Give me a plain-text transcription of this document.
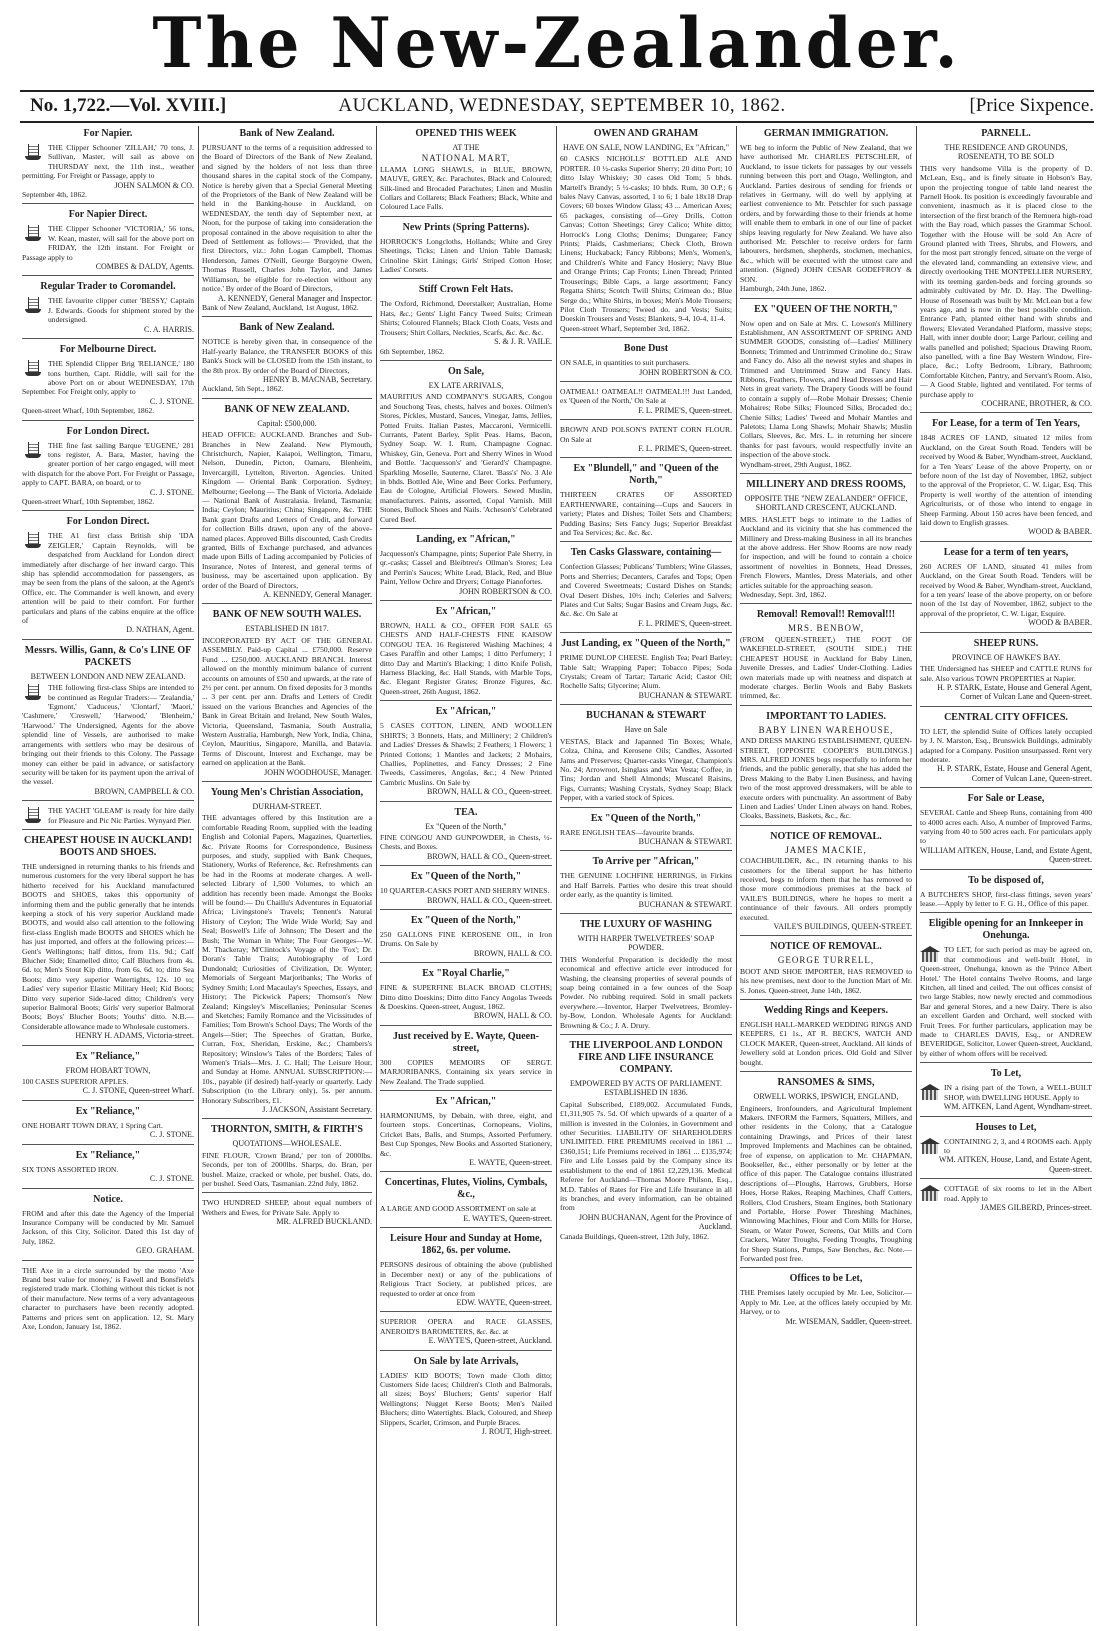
The New-Zealander.
No. 1,722.—Vol. XVIII.]	AUCKLAND, WEDNESDAY, SEPTEMBER 10, 1862.	[Price Sixpence.
For Napier.
THE Clipper Schooner 'ZILLAH,' 70 tons, J. Sullivan, Master, will sail as above on THURSDAY next, the 11th inst., weather permitting. For Freight or Passage, apply to
JOHN SALMON & CO.
September 4th, 1862.
For Napier Direct.
THE Clipper Schooner 'VICTORIA,' 56 tons, W. Kean, master, will sail for the above port on FRIDAY, the 12th instant. For Freight or Passage apply to
COMBES & DALDY, Agents.
Regular Trader to Coromandel.
THE favourite clipper cutter 'BESSY,' Captain J. Edwards. Goods for shipment stored by the undersigned.
C. A. HARRIS.
For Melbourne Direct.
THE Splendid Clipper Brig 'RELIANCE,' 180 tons burthen, Capt. Riddle, will sail for the above Port on or about WEDNESDAY, 17th September. For Freight only, apply to
C. J. STONE.
Queen-street Wharf, 10th September, 1862.
For London Direct.
THE fine fast sailing Barque 'EUGENE,' 281 tons register, A. Bara, Master, having the greater portion of her cargo engaged, will meet with dispatch for the above Port. For Freight or Passage, apply to CAPT. BARA, on board, or to
C. J. STONE.
Queen-street Wharf, 10th September, 1862.
For London Direct.
THE A1 first class British ship 'IDA ZEIGLER,' Captain Reynolds, will be despatched from Auckland for London direct immediately after discharge of her inward cargo. This ship has splendid accommodation for passengers, as may be seen from the plans of the saloon, at the Agent's Office, etc. The Commander is well known, and every attention will be paid to their comfort. For further particulars and plans of the cabins enquire at the office of
D. NATHAN, Agent.
Messrs. Willis, Gann, & Co's LINE OF PACKETS
BETWEEN LONDON AND NEW ZEALAND.
THE following first-class Ships are intended to be continued as Regular Traders:— 'Zealandia,' 'Egmont,' 'Caduceus,' 'Clontarf,' 'Maori,' 'Cashmere,' 'Creswell,' 'Harwood,' 'Blenheim,' 'Harwood.' The Undersigned, Agents for the above splendid line of Vessels, are authorised to make arrangements with settlers who may be desirous of bringing out their friends to this Colony. The Passage money can either be paid in advance, or satisfactory security will be taken for its payment upon the arrival of the vessel.
BROWN, CAMPBELL & CO.
THE YACHT 'GLEAM' is ready for hire daily for Pleasure and Pic Nic Parties. Wynyard Pier.
CHEAPEST HOUSE IN AUCKLAND! BOOTS AND SHOES.
THE undersigned in returning thanks to his friends and numerous customers for the very liberal support he has hitherto received for his Auckland manufactured BOOTS and SHOES, takes this opportunity of informing them and the public generally that he intends keeping a stock of his very superior Auckland made BOOTS, and would also call attention to the following first-class English made BOOTS and SHOES which he has just imported, and offers at the following prices:— Gent's Wellingtons; half dittos, from 11s. 9d.; Calf Blucher Side; Enamelled ditto; Calf Bluchers from 4s. 6d. to; Men's Stout Kip ditto, from 6s. 6d. to; ditto Sea Boots; ditto very superior Watertights, 12s. 10 to; Ladies' very superior Elastic Military Heel; Kid Boots; Ditto very superior Side-laced ditto; Children's very superior Balmoral Boots; Girls' very superior Balmoral Boots; Boys' Blucher Boots; Youths' ditto. N.B.—Considerable allowance made to Wholesale customers.
HENRY H. ADAMS, Victoria-street.
Ex "Reliance,"
FROM HOBART TOWN,
100 CASES SUPERIOR APPLES.
C. J. STONE, Queen-street Wharf.
Ex "Reliance,"
ONE HOBART TOWN DRAY, 1 Spring Cart.
C. J. STONE.
Ex "Reliance,"
SIX TONS ASSORTED IRON.
C. J. STONE.
Notice.
FROM and after this date the Agency of the Imperial Insurance Company will be conducted by Mr. Samuel Jackson, of this City, Solicitor. Dated this 1st day of July, 1862.
GEO. GRAHAM.
THE Axe in a circle surrounded by the motto 'Axe Brand best value for money,' is Fawell and Bonsfield's registered trade mark. Clothing without this ticket is not of their manufacture. New terms of a very advantageous character to purchasers have been recently adopted. Patterns and prices sent on application. 12, St. Mary Axe, London, January 1st, 1862.
Bank of New Zealand.
PURSUANT to the terms of a requisition addressed to the Board of Directors of the Bank of New Zealand, and signed by the holders of not less than three thousand shares in the capital stock of the Company, Notice is hereby given that a Special General Meeting of the Proprietors of the Bank of New Zealand will be held in the Banking-house in Auckland, on WEDNESDAY, the tenth day of September next, at Noon, for the purpose of taking into consideration the proposal contained in the above requisition to alter the Deed of Settlement as follows:— 'Provided, that the first Directors, viz.: John Logan Campbell, Thomas Henderson, James O'Neill, George Burgoyne Owen, Thomas Russell, Charles John Taylor, and James Williamson, be eligible for re-election without any notice.' By order of the Board of Directors,
A. KENNEDY, General Manager and Inspector.
Bank of New Zealand, Auckland, 1st August, 1862.
Bank of New Zealand.
NOTICE is hereby given that, in consequence of the Half-yearly Balance, the TRANSFER BOOKS of this Bank's Stock will be CLOSED from the 15th instant, to the 8th prox. By order of the Board of Directors,
HENRY B. MACNAB, Secretary.
Auckland, 5th Sept., 1862.
BANK OF NEW ZEALAND.
Capital: £500,000.
HEAD OFFICE: AUCKLAND. Branches and Sub-Branches in New Zealand. New Plymouth, Christchurch, Napier, Kaiapoi, Wellington, Timaru, Nelson, Dunedin, Picton, Oamaru, Blenheim, Invercargill, Lyttelton, Riverton. Agencies. United Kingdom — Oriental Bank Corporation. Sydney; Melbourne; Geelong — The Bank of Victoria. Adelaide — National Bank of Australasia. Ireland, Tasmania; India; Ceylon; Mauritius; China; Singapore, &c. THE Bank grant Drafts and Letters of Credit, and forward for collection Bills drawn, upon any of the above-named places. Approved Bills discounted, Cash Credits granted, Bills of Exchange purchased, and advances made upon Bills of Lading accompanied by Policies of Insurance, Notes of Interest, and general terms of business, may be ascertained upon application. By order of the Board of Directors,
A. KENNEDY, General Manager.
BANK OF NEW SOUTH WALES.
ESTABLISHED IN 1817.
INCORPORATED BY ACT OF THE GENERAL ASSEMBLY. Paid-up Capital ... £750,000. Reserve Fund ... £250,000. AUCKLAND BRANCH. Interest allowed on the monthly minimum balance of current accounts on amounts of £50 and upwards, at the rate of 2½ per cent. per annum. On fixed deposits for 3 months ... 3 per cent. per ann. Drafts and Letters of Credit issued on the various Branches and Agencies of the Bank in Great Britain and Ireland, New South Wales, Victoria, Queensland, Tasmania, South Australia, Western Australia, Hamburgh, New York, India, China, Ceylon, Mauritius, Singapore, Manilla, and Batavia. Terms of Discount, Interest and Exchange, may be earned on application at the Bank.
JOHN WOODHOUSE, Manager.
Young Men's Christian Association,
DURHAM-STREET.
THE advantages offered by this Institution are a comfortable Reading Room, supplied with the leading English and Colonial Papers, Magazines, Quarterlies, &c. Private Rooms for Correspondence, Business purposes, and study, supplied with Bank Cheques, Stationery, Works of Reference, &c. Refreshments can be had in the Rooms at moderate charges. A well-selected Library of 1,500 Volumes, to which an addition has recently been made. Amongst the Books will be found:— Du Chaillu's Adventures in Equatorial Africa; Livingstone's Travels; Tennent's Natural History of Ceylon; The Wide Wide World; Say and Seal; Boswell's Life of Johnson; The Desert and the Bush; The Woman in White; The Four Georges—W. M. Thackeray; M'Clintock's Voyage of the 'Fox'; Dr. Doran's Table Traits; Autobiography of Lord Dundonald; Curiosities of Civilization, Dr. Wynter; Memorials of Sergeant Marjoribanks; The Works of Sydney Smith; Lord Macaulay's Speeches, Essays, and History; The Pickwick Papers; Thomson's New Zealand; Kingsley's Miscellanies; Peninsular Scenes and Sketches; Family Romance and the Vicissitudes of Families; Tom Brown's School Days; The Words of the Angels—Stier; The Speeches of Grattan, Burke, Curran, Fox, Sheridan, Erskine, &c.; Chambers's Repository; Winslow's Tales of the Borders; Tales of Women's Trials—Mrs. J. C. Hall; The Leisure Hour, and Sunday at Home. ANNUAL SUBSCRIPTION:—10s., payable (if desired) half-yearly or quarterly. Lady Subscription (to the Library only), 5s. per annum. Honorary Subscribers, £1.
J. JACKSON, Assistant Secretary.
THORNTON, SMITH, & FIRTH'S
QUOTATIONS—WHOLESALE.
FINE FLOUR, 'Crown Brand,' per ton of 2000lbs. Seconds, per ton of 2000lbs. Sharps, do. Bran, per bushel. Maize, cracked or whole, per bushel. Oats, do. per bushel. Seed Oats, Tasmanian. 22nd July, 1862.
TWO HUNDRED SHEEP, about equal numbers of Wethers and Ewes, for Private Sale. Apply to
MR. ALFRED BUCKLAND.
OPENED THIS WEEK
AT THE
NATIONAL MART,
LLAMA LONG SHAWLS, in BLUE, BROWN, MAUVE, GREY, &c. Parachutes, Black and Coloured; Silk-lined and Brocaded Parachutes; Linen and Muslin Collars and Collarets; Black Feathers; Black, White and Coloured Lace Falls.
New Prints (Spring Patterns).
HORROCK'S Longcloths, Hollands; White and Grey Sheetings, Ticks; Linen and Union Table Damask; Crinoline Skirt Linings; Girls' Striped Cotton Hose; Ladies' Corsets.
Stiff Crown Felt Hats.
The Oxford, Richmond, Deerstalker; Australian, Home Hats, &c.; Gents' Light Fancy Tweed Suits; Crimean Shirts; Coloured Flannels; Black Cloth Coats, Vests and Trousers; Shirt Collars, Neckties, Scarfs, &c. &c. &c.
S. & J. R. VAILE.
6th September, 1862.
On Sale,
EX LATE ARRIVALS,
MAURITIUS AND COMPANY'S SUGARS, Congou and Souchong Teas, chests, halves and boxes. Oilmen's Stores, Pickles, Mustard, Sauces, Vinegar, Jams, Jellies, Potted Fruits. Italian Pastes, Maccaroni, Vermicelli. Currants, Patent Barley, Split Peas. Hams, Bacon, Sydney Soap. W. I. Rum, Champagne Cognac. Whiskey, Gin, Geneva. Port and Sherry Wines in Wood and Bottle. 'Jacquesson's' and 'Gerard's' Champagne. Sparkling Moselle, Sauterne, Claret. 'Bass's' No. 3 Ale in bhds. Bottled Ale, Wine and Beer Corks. Perfumery, Eau de Cologne, Artificial Flowers. Sewed Muslin, manufacturers. Paints, assorted, Copal Varnish. Mill Stones, Bullock Shoes and Nails. 'Acheson's' Celebrated Cured Beef.
Landing, ex "African,"
Jacquesson's Champagne, pints; Superior Pale Sherry, in qr.-casks; Cassel and Bleibtreu's Ollman's Stores; Lea and Perrin's Sauces; White Lead, Black, Red, and Blue Paint, Yellow Ochre and Dryers; Cottage Pianofortes.
JOHN ROBERTSON & CO.
Ex "African,"
BROWN, HALL & CO., OFFER FOR SALE 65 CHESTS AND HALF-CHESTS FINE KAISOW CONGOU TEA. 16 Registered Washing Machines; 4 Cases Paraffin and other Lamps; 1 ditto Perfumery; 1 ditto Day and Martin's Blacking; 1 ditto Knife Polish, Harness Blacking, &c. Hall Stands, with Marble Tops, &c. Elegant Register Grates; Bronze Figures, &c. Queen-street, 26th August, 1862.
Ex "African,"
5 CASES COTTON, LINEN, AND WOOLLEN SHIRTS; 3 Bonnets, Hats, and Millinery; 2 Children's and Ladies' Dresses & Shawls; 2 Feathers; 1 Flowers; 1 Printed Cottons; 1 Mantles and Jackets; 2 Mohairs, Challies, Poplinettes, and Fancy Dresses; 2 Fine Tweeds, Cassimeres, Angolas, &c.; 4 New Printed Cambric Muslins. On Sale by
BROWN, HALL & CO., Queen-street.
TEA.
Ex "Queen of the North,"
FINE CONGOU AND GUNPOWDER, in Chests, ½-Chests, and Boxes.
BROWN, HALL & CO., Queen-street.
Ex "Queen of the North,"
10 QUARTER-CASKS PORT AND SHERRY WINES.
BROWN, HALL & CO., Queen-street.
Ex "Queen of the North,"
250 GALLONS FINE KEROSENE OIL, in Iron Drums. On Sale by
BROWN, HALL & CO.
Ex "Royal Charlie,"
FINE & SUPERFINE BLACK BROAD CLOTHS; Ditto ditto Doeskins; Ditto ditto Fancy Angolas Tweeds & Doeskins. Queen-street, August, 1862.
BROWN, HALL & CO.
Just received by E. Wayte, Queen-street,
300 COPIES MEMOIRS OF SERGT. MARJORIBANKS, Containing six years service in New Zealand. The Trade supplied.
Ex "African,"
HARMONIUMS, by Debain, with three, eight, and fourteen stops. Concertinas, Cornopeans, Violins, Cricket Bats, Balls, and Stumps, Assorted Perfumery. Best Cup Sponges, New Books and Assorted Stationery, &c.
E. WAYTE, Queen-street.
Concertinas, Flutes, Violins, Cymbals, &c.,
A LARGE AND GOOD ASSORTMENT on sale at
E. WAYTE'S, Queen-street.
Leisure Hour and Sunday at Home, 1862, 6s. per volume.
PERSONS desirous of obtaining the above (published in December next) or any of the publications of Religious Tract Society, at published prices, are requested to order at once from
EDW. WAYTE, Queen-street.
SUPERIOR OPERA and RACE GLASSES, ANEROID'S BAROMETERS, &c. &c. at
E. WAYTE'S, Queen-street, Auckland.
On Sale by late Arrivals,
LADIES' KID BOOTS; Town made Cloth ditto; Customers Side laces; Children's Cloth and Balmorals, all sizes; Boys' Bluchers; Gents' superior Half Wellingtons; Nugget Kerse Boots; Men's Nailed Bluchers; ditto Watertights. Black, Coloured, and Sheep Slippers, Scarlet, Crimson, and Purple Braces.
J. ROUT, High-street.
OWEN AND GRAHAM
HAVE ON SALE, NOW LANDING, Ex "African,"
60 CASKS NICHOLLS' BOTTLED ALE AND PORTER. 10 ½-casks Superior Sherry; 20 ditto Port; 10 ditto Islay Whiskey; 30 cases Old Tom; 5 bhds. Martell's Brandy; 5 ½-casks; 10 bhds. Rum, 30 O.P.; 6 bales Navy Canvas, assorted, 1 to 6; 1 bale 18x18 Drap Covers; 60 boxes Window Glass; 43 ... American Axes; 65 packages, consisting of—Grey Drills, Cotton Canvas; Cotton Sheetings; Grey Calico; White ditto; Horrock's Long Cloths; Denims; Dungaree; Fancy Prints; Plaids, Cashmerians; Check Cloth, Brown Linens; Huckaback; Fancy Ribbons; Men's, Women's, and Children's White and Fancy Hosiery; Navy Blue and Orange Prints; Cap Fronts; Linen Thread; Printed Trouserings; Bible Caps, a large assortment; Fancy Regatta Shirts; Scotch Twill Shirts; Crimean do.; Blue Serge do.; White Shirts, in boxes; Men's Mole Trousers; Pilot Cloth Trousers; Tweed do. and Vests; Suits; Doeskin Trousers and Vests; Blankets, 9-4, 10-4, 11-4.
Queen-street Wharf, September 3rd, 1862.
Bone Dust
ON SALE, in quantities to suit purchasers.
JOHN ROBERTSON & CO.
OATMEAL! OATMEAL!! OATMEAL!!! Just Landed, ex 'Queen of the North,' On Sale at
F. L. PRIME'S, Queen-street.
BROWN AND POLSON'S PATENT CORN FLOUR. On Sale at
F. L. PRIME'S, Queen-street.
Ex "Blundell," and "Queen of the North,"
THIRTEEN CRATES OF ASSORTED EARTHENWARE, containing—Cups and Saucers in variety; Plates and Dishes; Toilet Sets and Chambers; Pudding Basins; Sets Fancy Jugs; Superior Breakfast and Tea Services; &c. &c. &c.
Ten Casks Glassware, containing—
Confection Glasses; Publicans' Tumblers; Wine Glasses, Ports and Sherries; Decanters, Carafes and Tops; Open and Covered Sweetmeats; Custard Dishes on Stands; Oval Desert Dishes, 10½ inch; Celeries and Salvers; Plates and Cut Salts; Sugar Basins and Cream Jugs, &c. &c. &c. On Sale at
F. L. PRIME'S, Queen-street.
Just Landing, ex "Queen of the North,"
PRIME DUNLOP CHEESE. English Tea; Pearl Barley; Table Salt; Wrapping Paper; Tobacco Pipes; Soda Crystals; Cream of Tartar; Tartaric Acid; Castor Oil; Rochelle Salts; Glycerine; Alum.
BUCHANAN & STEWART.
BUCHANAN & STEWART
Have on Sale
VESTAS, Black and Japanned Tin Boxes; Whale, Colza, China, and Kerosene Oils; Candles, Assorted Jams and Preserves; Quarter-casks Vinegar, Champion's No. 24; Arrowroot, Isinglass and Wax Vesta; Coffee, in Tins; Jordan and Shell Almonds; Muscatel Raisins, Figs, Currants; Washing Crystals, Sydney Soap; Black Pepper, with a varied stock of Spices.
Ex "Queen of the North,"
RARE ENGLISH TEAS—favourite brands.
BUCHANAN & STEWART.
To Arrive per "African,"
THE GENUINE LOCHFINE HERRINGS, in Firkins and Half Barrels. Parties who desire this treat should order early, as the quantity is limited.
BUCHANAN & STEWART.
THE LUXURY OF WASHING
WITH HARPER TWELVETREES' SOAP POWDER.
THIS Wonderful Preparation is decidedly the most economical and effective article ever introduced for Washing, the cleansing properties of several pounds of soap being contained in a few ounces of the Soap Powder. No rubbing required. Sold in small packets everywhere.—Inventor, Harper Twelvetrees, Bromley-by-Bow, London. Wholesale Agents for Auckland: Browning & Co.; J. A. Drury.
THE LIVERPOOL AND LONDON FIRE AND LIFE INSURANCE COMPANY.
EMPOWERED BY ACTS OF PARLIAMENT. ESTABLISHED IN 1836.
Capital Subscribed, £189,002. Accumulated Funds, £1,311,905 7s. 5d. Of which upwards of a quarter of a million is invested in the Colonies, in Government and other Securities. LIABILITY OF SHAREHOLDERS UNLIMITED. FIRE PREMIUMS received in 1861 ... £360,151; Life Premiums received in 1861 ... £135,974; Fire and Life Losses paid by the Company since its establishment to the end of 1861 £2,229,136. Medical Referee for Auckland—Thomas Moore Philson, Esq., M.D. Tables of Rates for Fire and Life Insurance in all its branches, and every information, can be obtained from
JOHN BUCHANAN, Agent for the Province of Auckland.
Canada Buildings, Queen-street, 12th July, 1862.
GERMAN IMMIGRATION.
WE beg to inform the Public of New Zealand, that we have authorised Mr. CHARLES PETSCHLER, of Auckland, to issue tickets for passages by our vessels running between this port and Otago, Wellington, and Auckland. Parties desirous of sending for friends or relatives in Germany, will do well by applying at earliest convenience to Mr. Petschler for such passage orders, and by forwarding those to their friends at home will enable them to embark in one of our line of packet ships leaving regularly for New Zealand. We have also authorised Mr. Petschler to receive orders for farm labourers, herdsmen, shepherds, stockmen, mechanics, &c., which will be executed with the utmost care and attention. (Signed) JOHN CESAR GODEFFROY & SON.
Hamburgh, 24th June, 1862.
EX "QUEEN OF THE NORTH,"
Now open and on Sale at Mrs. C. Lowson's Millinery Establishment, AN ASSORTMENT OF SPRING AND SUMMER GOODS, consisting of—Ladies' Millinery Bonnets; Trimmed and Untrimmed Crinoline do.; Straw and Fancy do. Also all the newest styles and shapes in Trimmed and Untrimmed Straw and Fancy Hats. Ribbons, Feathers, Flowers, and Head Dresses and Hair Nets in great variety. The Drapery Goods will be found to contain a supply of—Robe Mohair Dresses; Chenie Mohaires; Robe Silks; Flounced Silks, Brocaded do.; Chenie Silks; Ladies' Tweed and Mohair Mantles and Paletots; Llama Long Shawls; Mohair Shawls; Muslin Collars, Sleeves, &c. Mrs. L. in returning her sincere thanks for past favours, would respectfully invite an inspection of the above stock.
Wyndham-street, 29th August, 1862.
MILLINERY AND DRESS ROOMS,
OPPOSITE THE "NEW ZEALANDER" OFFICE, SHORTLAND CRESCENT, AUCKLAND.
MRS. HASLETT begs to intimate to the Ladies of Auckland and its vicinity that she has commenced the Millinery and Dress-making Business in all its branches at the above address. Her Show Rooms are now ready for inspection, and will be found to contain a choice assortment of novelties in Bonnets, Head Dresses, French Flowers, Mantles, Dress Materials, and other articles suitable for the approaching season.
Wednesday, Sept. 3rd, 1862.
Removal! Removal!! Removal!!!
MRS. BENBOW,
(FROM QUEEN-STREET,) THE FOOT OF WAKEFIELD-STREET, (SOUTH SIDE.) THE CHEAPEST HOUSE in Auckland for Baby Linen, Juvenile Dresses, and Ladies' Under-Clothing. Ladies own materials made up with neatness and dispatch at moderate charges. Berlin Wools and Baby Baskets trimmed, &c.
IMPORTANT TO LADIES.
BABY LINEN WAREHOUSE,
AND DRESS MAKING ESTABLISHMENT, QUEEN-STREET, [OPPOSITE COOPER'S BUILDINGS.] MRS. ALFRED JONES begs respectfully to inform her friends, and the public generally, that she has added the Dress Making to the Baby Linen Business, and having two of the most approved dressmakers, will be able to execute orders with punctuality. An assortment of Baby Linen and Ladies' Under Linen always on hand. Robes, Cloaks, Bassinets, Baskets, &c., &c.
NOTICE OF REMOVAL.
JAMES MACKIE,
COACHBUILDER, &c., IN returning thanks to his customers for the liberal support he has hitherto received, begs to inform them that he has removed to those more commodious premises at the back of VAILE'S BUILDINGS, where he hopes to merit a continuance of their favours. All orders promptly executed.
VAILE'S BUILDINGS, QUEEN-STREET.
NOTICE OF REMOVAL.
GEORGE TURRELL,
BOOT AND SHOE IMPORTER, HAS REMOVED to his new premises, next door to the Junction Mart of Mr. S. Jones. Queen-street, June 14th, 1862.
Wedding Rings and Keepers.
ENGLISH HALL-MARKED WEDDING RINGS AND KEEPERS, £1 1s., AT R. BECK'S, WATCH AND CLOCK MAKER, Queen-street, Auckland. All kinds of Jewellery sold at London prices. Old Gold and Silver bought.
RANSOMES & SIMS,
ORWELL WORKS, IPSWICH, ENGLAND,
Engineers, Ironfounders, and Agricultural Implement Makers. INFORM the Farmers, Squatters, Millers, and other residents in the Colony, that a Catalogue containing Drawings, and Prices of their latest Improved Implements and Machines can be obtained, free of expense, on application to Mr. CHAPMAN, Bookseller, &c., either personally or by letter at the office of this paper. The Catalogue contains illustrated descriptions of—Ploughs, Harrows, Grubbers, Horse Hoes, Horse Rakes, Reaping Machines, Chaff Cutters, Rollers, Clod Crushers, Steam Engines, both Stationary and Portable, Horse Power Threshing Machines, Winnowing Machines, Flour and Corn Mills for Horse, Steam, or Water Power, Screens, Oat Mills and Corn Crackers, Water Troughs, Feeding Troughs, Troughing for Sheep Stations, Pumps, Saw Benches, &c. Note.—Forwarded post free.
Offices to be Let,
THE Premises lately occupied by Mr. Lee, Solicitor.—Apply to Mr. Lee, at the offices lately occupied by Mr. Harvey, or to
Mr. WISEMAN, Saddler, Queen-street.
PARNELL.
THE RESIDENCE AND GROUNDS, ROSENEATH, TO BE SOLD
THIS very handsome Villa is the property of D. McLean, Esq., and is finely situate in Hobson's Bay, upon the projecting tongue of table land nearest the Parnell Hook. Its position is exceedingly favourable and convenient, inasmuch as it is placed close to the intersection of the first branch of the Remuera high-road with the Bay road, which passes the Grammar School. Together with the House will be sold An Acre of Ground planted with Trees, Shrubs, and Flowers, and for the most part strongly fenced, situate on the verge of the elevated land, commanding an extensive view, and directly overlooking THE MONTPELLIER NURSERY, with its teeming garden-beds and forcing grounds so admirably cultivated by Mr. D. Hay. The Dwelling-House of Roseneath was built by Mr. McLean but a few years ago, and is now in the best possible condition. Entrance Path, planted either hand with shrubs and flowers; Elevated Verandahed Platform, massive steps; Hall, with inner double door; Large Parlour, ceiling and walls panelled and polished; Spacious Drawing Room, also panelled, with a fine Bay Western Window, Fire-place, &c.; Lofty Bedroom, Library, Bathroom; Comfortable Kitchen, Pantry, and Servant's Room. Also,— A Good Stable, lighted and ventilated. For terms of purchase apply to
COCHRANE, BROTHER, & CO.
For Lease, for a term of Ten Years,
1848 ACRES OF LAND, situated 12 miles from Auckland, on the Great South Road. Tenders will be received by Wood & Baber, Wyndham-street, Auckland, for a Ten Years' Lease of the above Property, on or before noon of the 1st day of November, 1862, subject to the approval of the Proprietor, C. W. Ligar, Esq. This Property is well worthy of the attention of intending Agriculturists, or of those who intend to engage in Sheep Farming. About 150 acres have been fenced, and laid down to English grasses.
WOOD & BABER.
Lease for a term of ten years,
260 ACRES OF LAND, situated 41 miles from Auckland, on the Great South Road. Tenders will be received by Wood & Baber, Wyndham-street, Auckland, for a ten years' lease of the above property, on or before noon of the 1st day of November, 1862, subject to the approval of the proprietor, C. W. Ligar, Esquire.
WOOD & BABER.
SHEEP RUNS.
PROVINCE OF HAWKE'S BAY.
THE Undersigned has SHEEP and CATTLE RUNS for sale. Also various TOWN PROPERTIES at Napier.
H. P. STARK, Estate, House and General Agent, Corner of Vulcan Lane and Queen-street.
CENTRAL CITY OFFICES.
TO LET, the splendid Suite of Offices lately occupied by J. N. Marston, Esq., Brunswick Buildings, admirably adapted for a Company. Position unsurpassed. Rent very moderate.
H. P. STARK, Estate, House and General Agent, Corner of Vulcan Lane, Queen-street.
For Sale or Lease,
SEVERAL Cattle and Sheep Runs, containing from 400 to 4000 acres each. Also, A number of Improved Farms, varying from 40 to 500 acres each. For particulars apply to
WILLIAM AITKEN, House, Land, and Estate Agent, Queen-street.
To be disposed of,
A BUTCHER'S SHOP, first-class fittings, seven years' lease.—Apply by letter to F. G. H., Office of this paper.
Eligible opening for an Innkeeper in Onehunga.
TO LET, for such period as may be agreed on, that commodious and well-built Hotel, in Queen-street, Onehunga, known as the 'Prince Albert Hotel.' The Hotel contains Twelve Rooms, and large Kitchen, all lined and ceiled. The out offices consist of two large Stables, now newly erected and commodious Bar and general Stores, and a new Dairy. There is also an excellent Garden and Orchard, well stocked with Fruit Trees. For further particulars, application may be made to CHARLES DAVIS, Esq., or ANDREW BEVERIDGE, Solicitor, Lower Queen-street, Auckland, by either of whom offers will be received.
To Let,
IN a rising part of the Town, a WELL-BUILT SHOP, with DWELLING HOUSE. Apply to
WM. AITKEN, Land Agent, Wyndham-street.
Houses to Let,
CONTAINING 2, 3, and 4 ROOMS each. Apply to
WM. AITKEN, House, Land, and Estate Agent, Queen-street.
COTTAGE of six rooms to let in the Albert road. Apply to
JAMES GILBERD, Princes-street.
